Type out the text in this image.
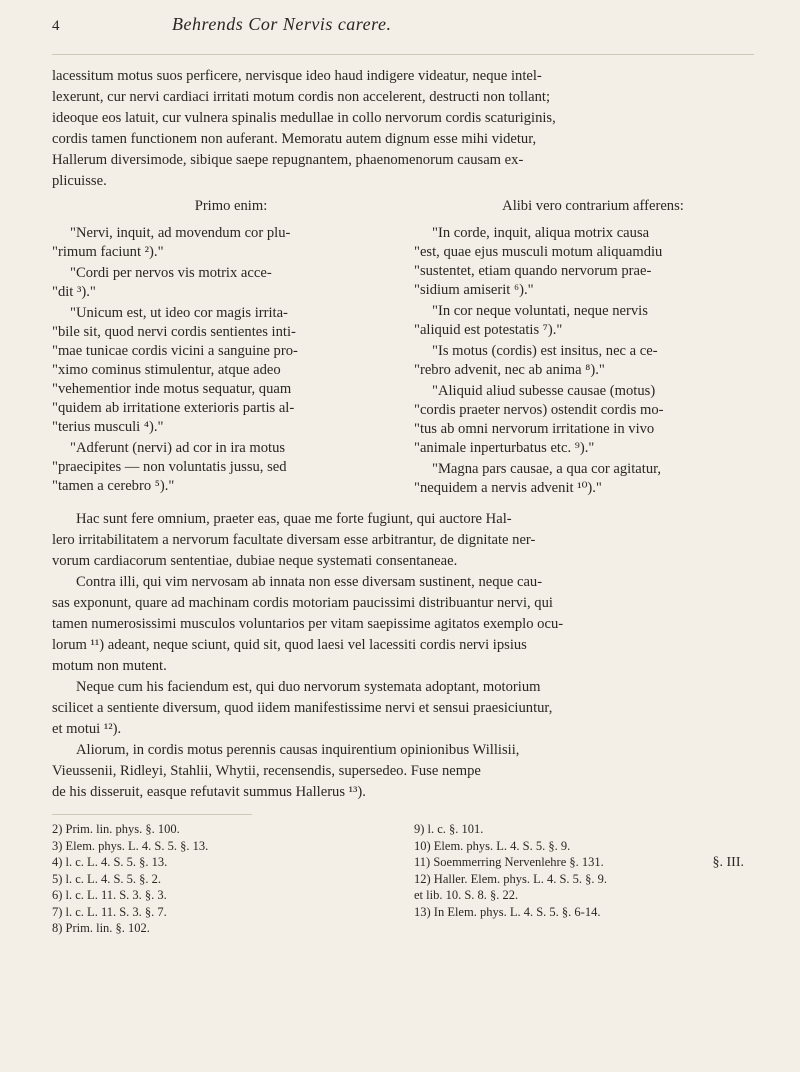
4	Behrends Cor Nervis carere.

lacessitum motus suos perficere, nervisque ideo haud indigere videatur, neque intel-

lexerunt, cur nervi cardiaci irritati motum cordis non accelerent, destructi non tollant;

ideoque eos latuit, cur vulnera spinalis medullae in collo nervorum cordis scaturiginis,

cordis tamen functionem non auferant. Memoratu autem dignum esse mihi videtur,

Hallerum diversimode, sibique saepe repugnantem, phaenomenorum causam ex-

plicuisse.

Primo enim:

"Nervi, inquit, ad movendum cor plu-
"rimum faciunt ²)."

"Cordi per nervos vis motrix acce-
"dit ³)."

"Unicum est, ut ideo cor magis irrita-
"bile sit, quod nervi cordis sentientes inti-
"mae tunicae cordis vicini a sanguine pro-
"ximo cominus stimulentur, atque adeo
"vehementior inde motus sequatur, quam
"quidem ab irritatione exterioris partis al-
"terius musculi ⁴)."

"Adferunt (nervi) ad cor in ira motus
"praecipites — non voluntatis jussu, sed
"tamen a cerebro ⁵)."

Alibi vero contrarium afferens:

"In corde, inquit, aliqua motrix causa
"est, quae ejus musculi motum aliquamdiu
"sustentet, etiam quando nervorum prae-
"sidium amiserit ⁶)."

"In cor neque voluntati, neque nervis
"aliquid est potestatis ⁷)."

"Is motus (cordis) est insitus, nec a ce-
"rebro advenit, nec ab anima ⁸)."

"Aliquid aliud subesse causae (motus)
"cordis praeter nervos) ostendit cordis mo-
"tus ab omni nervorum irritatione in vivo
"animale inperturbatus etc. ⁹)."

"Magna pars causae, a qua cor agitatur,
"nequidem a nervis advenit ¹⁰)."

Hac sunt fere omnium, praeter eas, quae me forte fugiunt, qui auctore Hal-

lero irritabilitatem a nervorum facultate diversam esse arbitrantur, de dignitate ner-

vorum cardiacorum sententiae, dubiae neque systemati consentaneae.

Contra illi, qui vim nervosam ab innata non esse diversam sustinent, neque cau-

sas exponunt, quare ad machinam cordis motoriam paucissimi distribuantur nervi, qui

tamen numerosissimi musculos voluntarios per vitam saepissime agitatos exemplo ocu-

lorum ¹¹) adeant, neque sciunt, quid sit, quod laesi vel lacessiti cordis nervi ipsius

motum non mutent.

Neque cum his faciendum est, qui duo nervorum systemata adoptant, motorium

scilicet a sentiente diversum, quod iidem manifestissime nervi et sensui praesiciuntur,

et motui ¹²).

Aliorum, in cordis motus perennis causas inquirentium opinionibus Willisii,

Vieussenii, Ridleyi, Stahlii, Whytii, recensendis, supersedeo. Fuse nempe

de his disseruit, easque refutavit summus Hallerus ¹³).

§. III.
2) Prim. lin. phys. §. 100.
3) Elem. phys. L. 4. S. 5. §. 13.
4) l. c. L. 4. S. 5. §. 13.
5) l. c. L. 4. S. 5. §. 2.
6) l. c. L. 11. S. 3. §. 3.
7) l. c. L. 11. S. 3. §. 7.
8) Prim. lin. §. 102.
9) l. c. §. 101.
10) Elem. phys. L. 4. S. 5. §. 9.
11) Soemmerring Nervenlehre §. 131.
12) Haller. Elem. phys. L. 4. S. 5. §. 9.
et lib. 10. S. 8. §. 22.
13) In Elem. phys. L. 4. S. 5. §. 6-14.
